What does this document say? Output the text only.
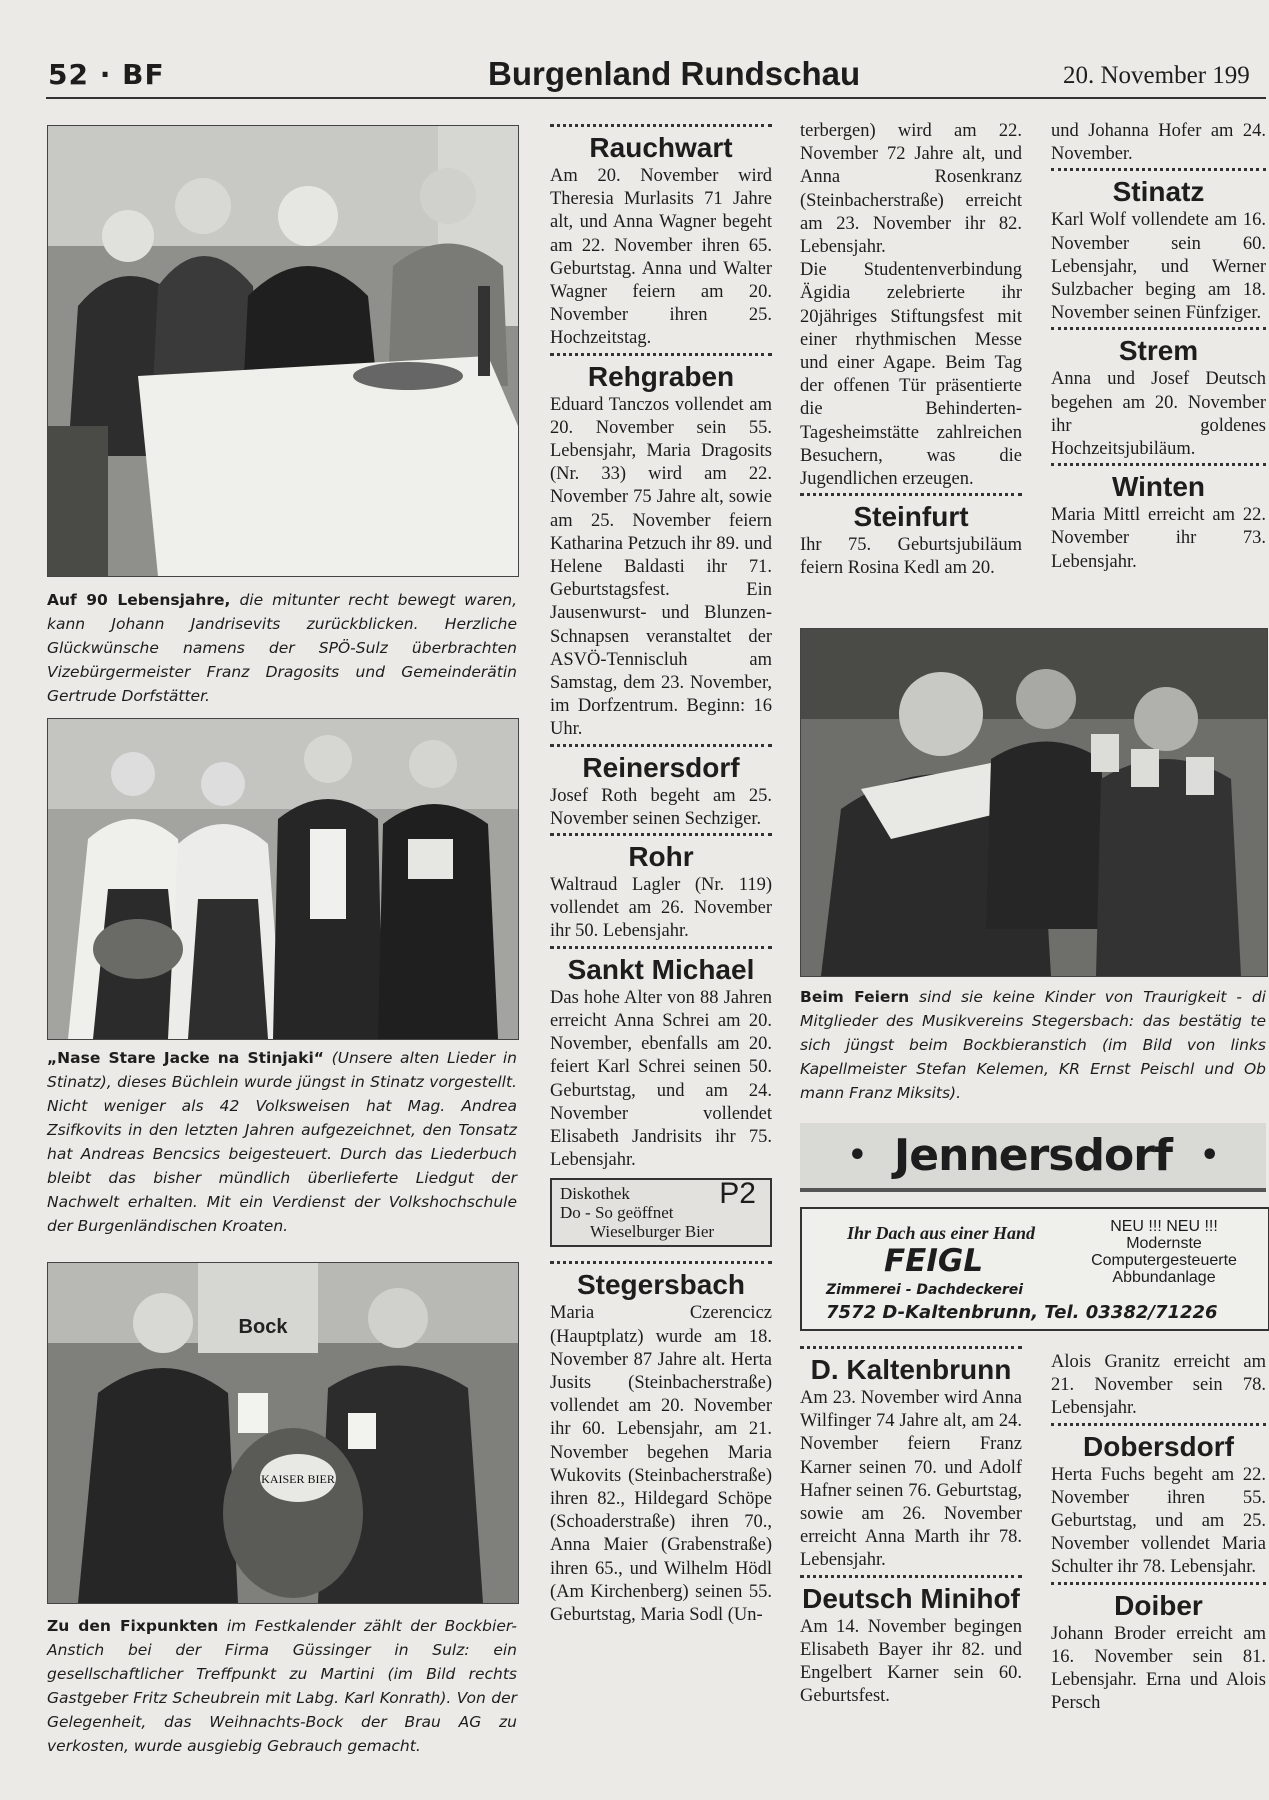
52 · BF	Burgenland Rundschau	20. November 199
Auf 90 Lebensjahre, die mitunter recht bewegt waren, kann Johann Jandrisevits zurückblicken. Herzliche Glückwünsche namens der SPÖ-Sulz überbrachten Vizebürgermeister Franz Dragosits und Gemeinderätin Gertrude Dorfstätter.
„Nase Stare Jacke na Stinjaki“ (Unsere alten Lieder in Stinatz), dieses Büchlein wurde jüngst in Stinatz vorgestellt. Nicht weniger als 42 Volksweisen hat Mag. Andrea Zsifkovits in den letzten Jahren aufgezeichnet, den Tonsatz hat Andreas Bencsics beigesteuert. Durch das Liederbuch bleibt das bisher mündlich überlieferte Liedgut der Nachwelt erhalten. Mit ein Verdienst der Volkshochschule der Burgenländischen Kroaten.
Bock
KAISER BIER
Zu den Fixpunkten im Festkalender zählt der Bockbier-Anstich bei der Firma Güssinger in Sulz: ein gesellschaftlicher Treffpunkt zu Martini (im Bild rechts Gastgeber Fritz Scheubrein mit Labg. Karl Konrath). Von der Gelegenheit, das Weihnachts-Bock der Brau AG zu verkosten, wurde ausgiebig Gebrauch gemacht.
Rauchwart

Am 20. November wird Theresia Murlasits 71 Jahre alt, und Anna Wagner begeht am 22. November ihren 65. Geburtstag. Anna und Walter Wagner feiern am 20. November ihren 25. Hochzeitstag.

Rehgraben

Eduard Tanczos vollendet am 20. November sein 55. Lebensjahr, Maria Dragosits (Nr. 33) wird am 22. November 75 Jahre alt, sowie am 25. November feiern Katharina Petzuch ihr 89. und Helene Baldasti ihr 71. Geburtstagsfest. Ein Jausenwurst- und Blunzen-Schnapsen veranstaltet der ASVÖ-Tenniscluh am Samstag, dem 23. November, im Dorfzentrum. Beginn: 16 Uhr.

Reinersdorf

Josef Roth begeht am 25. November seinen Sechziger.

Rohr

Waltraud Lagler (Nr. 119) vollendet am 26. November ihr 50. Lebensjahr.

Sankt Michael

Das hohe Alter von 88 Jahren erreicht Anna Schrei am 20. November, ebenfalls am 20. feiert Karl Schrei seinen 50. Geburtstag, und am 24. November vollendet Elisabeth Jandrisits ihr 75. Lebensjahr.

Diskothek
Do - So geöffnet
Wieselburger Bier
P2
Stegersbach

Maria Czerencicz (Hauptplatz) wurde am 18. November 87 Jahre alt. Herta Jusits (Steinbacherstraße) vollendet am 20. November ihr 60. Lebensjahr, am 21. November begehen Maria Wukovits (Steinbacherstraße) ihren 82., Hildegard Schöpe (Schoaderstraße) ihren 70., Anna Maier (Grabenstraße) ihren 65., und Wilhelm Hödl (Am Kirchenberg) seinen 55. Geburtstag, Maria Sodl (Un-

terbergen) wird am 22. November 72 Jahre alt, und Anna Rosenkranz (Steinbacherstraße) erreicht am 23. November ihr 82. Lebensjahr.

Die Studentenverbindung Ägidia zelebrierte ihr 20jähriges Stiftungsfest mit einer rhythmischen Messe und einer Agape. Beim Tag der offenen Tür präsentierte die Behinderten-Tagesheimstätte zahlreichen Besuchern, was die Jugendlichen erzeugen.

Steinfurt

Ihr 75. Geburtsjubiläum feiern Rosina Kedl am 20.

und Johanna Hofer am 24. November.

Stinatz

Karl Wolf vollendete am 16. November sein 60. Lebensjahr, und Werner Sulzbacher beging am 18. November seinen Fünfziger.

Strem

Anna und Josef Deutsch begehen am 20. November ihr goldenes Hochzeitsjubiläum.

Winten

Maria Mittl erreicht am 22. November ihr 73. Lebensjahr.

Beim Feiern sind sie keine Kinder von Traurigkeit - di Mitglieder des Musikvereins Stegersbach: das bestätig te sich jüngst beim Bockbieranstich (im Bild von links Kapellmeister Stefan Kelemen, KR Ernst Peischl und Ob mann Franz Miksits).
• Jennersdorf •
Ihr Dach aus einer Hand
FEIGL
Zimmerei - Dachdeckerei
NEU !!! NEU !!!
Modernste
Computergesteuerte
Abbundanlage
7572 D-Kaltenbrunn, Tel. 03382/71226
D. Kaltenbrunn

Am 23. November wird Anna Wilfinger 74 Jahre alt, am 24. November feiern Franz Karner seinen 70. und Adolf Hafner seinen 76. Geburtstag, sowie am 26. November erreicht Anna Marth ihr 78. Lebensjahr.

Deutsch Minihof

Am 14. November begingen Elisabeth Bayer ihr 82. und Engelbert Karner sein 60. Geburtsfest.

Alois Granitz erreicht am 21. November sein 78. Lebensjahr.

Dobersdorf

Herta Fuchs begeht am 22. November ihren 55. Geburtstag, und am 25. November vollendet Maria Schulter ihr 78. Lebensjahr.

Doiber

Johann Broder erreicht am 16. November sein 81. Lebensjahr. Erna und Alois Persch
